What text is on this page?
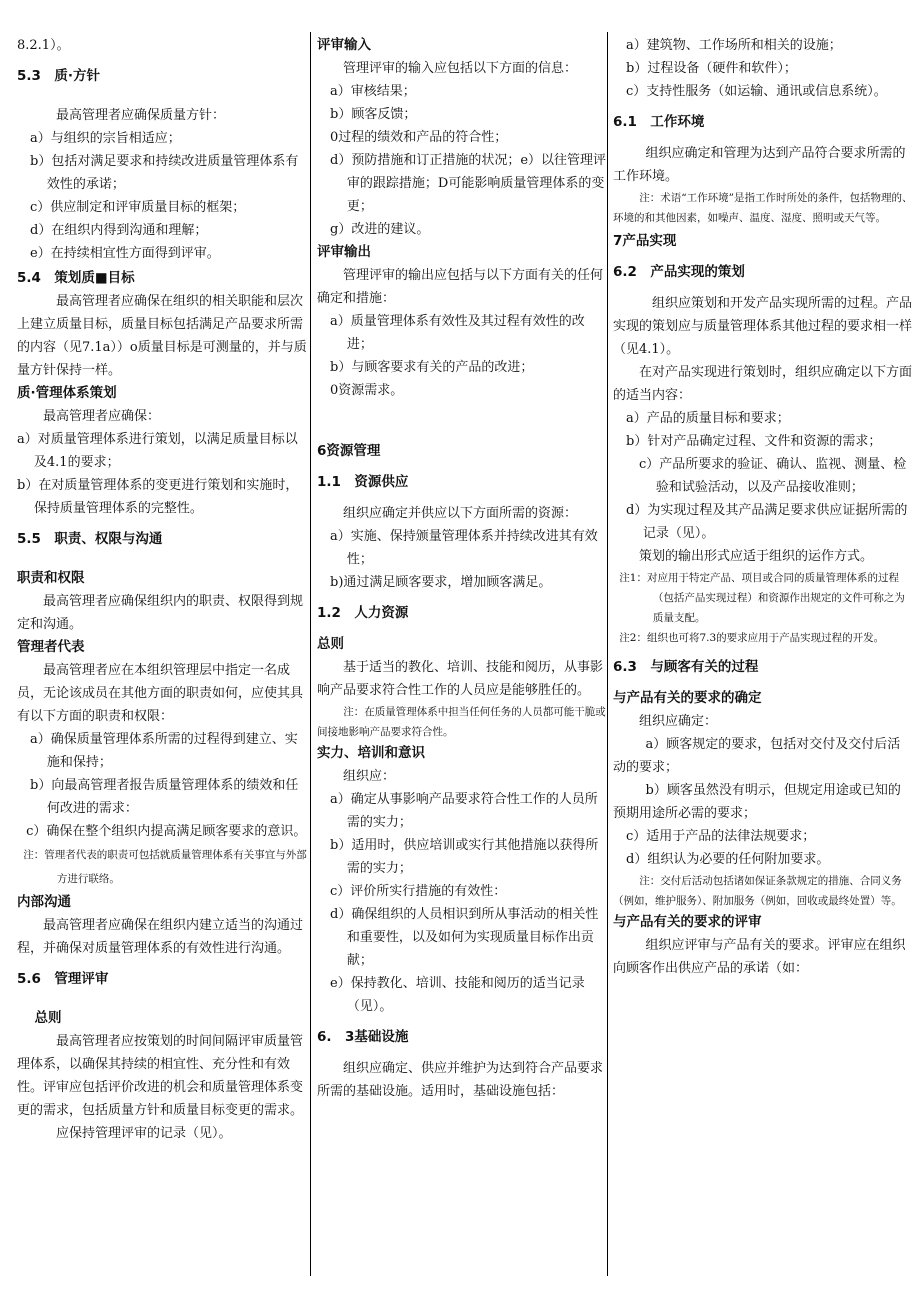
8.2.1）。

5.3　质·方针

最高管理者应确保质量方针：

a）与组织的宗旨相适应；

b）包括对满足要求和持续改进质量管理体系有效性的承诺；

c）供应制定和评审质量目标的框架；

d）在组织内得到沟通和理解；

e）在持续相宜性方面得到评审。

5.4　策划质■目标

最高管理者应确保在组织的相关职能和层次上建立质量目标，质量目标包括满足产品要求所需的内容（见7.1a））o质量目标是可测量的，并与质量方针保持一样。

质·管理体系策划

最高管理者应确保：

a）对质量管理体系进行策划，以满足质量目标以及4.1的要求；

b）在对质量管理体系的变更进行策划和实施时，保持质量管理体系的完整性。

5.5　职责、权限与沟通

职责和权限

最高管理者应确保组织内的职责、权限得到规定和沟通。

管理者代表

最高管理者应在本组织管理层中指定一名成员，无论该成员在其他方面的职责如何，应使其具有以下方面的职责和权限：

a）确保质量管理体系所需的过程得到建立、实施和保持；

b）向最高管理者报告质量管理体系的绩效和任何改进的需求：

c）确保在整个组织内提高满足顾客要求的意识。

注：管理者代表的职责可包括就质量管理体系有关事宜与外部方进行联络。

内部沟通

最高管理者应确保在组织内建立适当的沟通过程，并确保对质量管理体系的有效性进行沟通。

5.6　管理评审

总则

最高管理者应按策划的时间间隔评审质量管理体系，以确保其持续的相宜性、充分性和有效性。评审应包括评价改进的机会和质量管理体系变更的需求，包括质量方针和质量目标变更的需求。

应保持管理评审的记录（见）。

评审输入

管理评审的输入应包括以下方面的信息：

a）审核结果；

b）顾客反馈；

0过程的绩效和产品的符合性；

d）预防措施和订正措施的状况；e）以往管理评审的跟踪措施；D可能影响质量管理体系的变更；

g）改进的建议。

评审输出

管理评审的输出应包括与以下方面有关的任何确定和措施：

a）质量管理体系有效性及其过程有效性的改进；

b）与顾客要求有关的产品的改进；

0资源需求。

6资源管理

1.1　资源供应

组织应确定并供应以下方面所需的资源：

a）实施、保持颁量管理体系并持续改进其有效性；

b)通过满足顾客要求，增加顾客满足。

1.2　人力资源

总则

基于适当的教化、培训、技能和阅历，从事影响产品要求符合性工作的人员应是能够胜任的。

注：在质量管理体系中担当任何任务的人员都可能干脆或间接地影响产品要求符合性。

实力、培训和意识

组织应：

a）确定从事影响产品要求符合性工作的人员所需的实力；

b）适用时，供应培训或实行其他措施以获得所需的实力；

c）评价所实行措施的有效性：

d）确保组织的人员相识到所从事活动的相关性和重要性，以及如何为实现质量目标作出贡献；

e）保持教化、培训、技能和阅历的适当记录（见）。

6.　3基础设施

组织应确定、供应并维护为达到符合产品要求所需的基础设施。适用时，基础设施包括：

a）建筑物、工作场所和相关的设施；

b）过程设备（硬件和软件）；

c）支持性服务（如运输、通讯或信息系统）。

6.1　工作环境

组织应确定和管理为达到产品符合要求所需的工作环境。

注：术语“工作环境”是指工作时所处的条件，包括物理的、环境的和其他因素，如噪声、温度、湿度、照明或天气等。

7产品实现

6.2　产品实现的策划

组织应策划和开发产品实现所需的过程。产品实现的策划应与质量管理体系其他过程的要求相一样（见4.1）。

在对产品实现进行策划时，组织应确定以下方面的适当内容：

a）产品的质量目标和要求；

b）针对产品确定过程、文件和资源的需求；

c）产品所要求的验证、确认、监视、测量、检验和试验活动，以及产品接收准则；

d）为实现过程及其产品满足要求供应证据所需的记录（见）。

策划的输出形式应适于组织的运作方式。

注1：对应用于特定产品、项目或合同的质量管理体系的过程（包括产品实现过程）和资源作出规定的文件可称之为质量支配。

注2：组织也可将7.3的要求应用于产品实现过程的开发。

6.3　与顾客有关的过程

与产品有关的要求的确定

组织应确定：

a）顾客规定的要求，包括对交付及交付后活动的要求；

b）顾客虽然没有明示，但规定用途或已知的预期用途所必需的要求；

c）适用于产品的法律法规要求；

d）组织认为必要的任何附加要求。

注：交付后活动包括诸如保证条款规定的措施、合同义务（例如，维护服务）、附加服务（例如，回收或最终处置）等。

与产品有关的要求的评审

组织应评审与产品有关的要求。评审应在组织向顾客作出供应产品的承诺（如：
